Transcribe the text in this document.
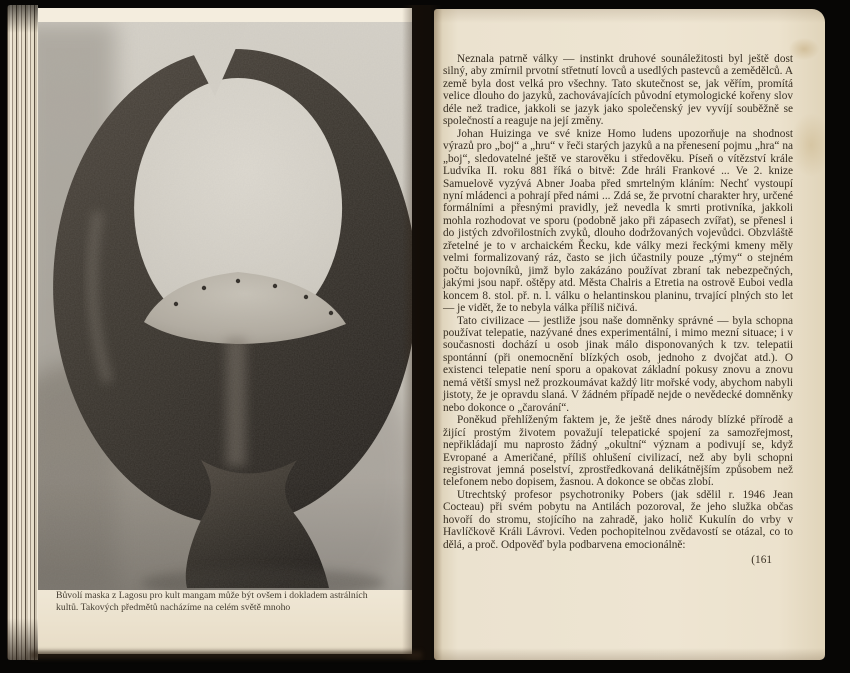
Bůvolí maska z Lagosu pro kult mangam může být ovšem i dokladem astrálních kultů. Takových předmětů nacházíme na celém světě mnoho

Neznala patrně války — instinkt druhové sounáležitosti byl ještě dost silný, aby zmírnil prvotní střetnutí lovců a usedlých pastevců a zemědělců. A země byla dost velká pro všechny. Tato skutečnost se, jak věřím, promítá velice dlouho do jazyků, zachovávajících původní etymologické kořeny slov déle než tradice, jakkoli se jazyk jako společenský jev vyvíjí souběžně se společností a reaguje na její změny.

Johan Huizinga ve své knize Homo ludens upozorňuje na shodnost výrazů pro „boj“ a „hru“ v řeči starých jazyků a na přenesení pojmu „hra“ na „boj“, sledovatelné ještě ve starověku i středověku. Píseň o vítězství krále Ludvíka II. roku 881 říká o bitvě: Zde hráli Frankové ... Ve 2. knize Samuelově vyzývá Abner Joaba před smrtelným kláním: Nechť vystoupí nyní mládenci a pohrají před námi ... Zdá se, že prvotní charakter hry, určené formálními a přesnými pravidly, jež nevedla k smrti protivníka, jakkoli mohla rozhodovat ve sporu (podobně jako při zápasech zvířat), se přenesl i do jistých zdvořilostních zvyků, dlouho dodržovaných vojevůdci. Obzvláště zřetelné je to v archaickém Řecku, kde války mezi řeckými kmeny měly velmi formalizovaný ráz, často se jich účastnily pouze „týmy“ o stejném počtu bojovníků, jimž bylo zakázáno používat zbraní tak nebezpečných, jakými jsou např. oštěpy atd. Města Chalris a Etretia na ostrově Euboi vedla koncem 8. stol. př. n. l. válku o helantinskou planinu, trvající plných sto let — je vidět, že to nebyla válka příliš ničivá.

Tato civilizace — jestliže jsou naše domněnky správné — byla schopna používat telepatie, nazývané dnes experimentální, i mimo mezní situace; i v současnosti dochází u osob jinak málo disponovaných k tzv. telepatii spontánní (při onemocnění blízkých osob, jednoho z dvojčat atd.). O existenci telepatie není sporu a opakovat základní pokusy znovu a znovu nemá větší smysl než prozkoumávat každý litr mořské vody, abychom nabyli jistoty, že je opravdu slaná. V žádném případě nejde o nevědecké domněnky nebo dokonce o „čarování“.

Poněkud přehlíženým faktem je, že ještě dnes národy blízké přírodě a žijící prostým životem považují telepatické spojení za samozřejmost, nepřikládají mu naprosto žádný „okultní“ význam a podivují se, když Evropané a Američané, příliš ohlušení civilizací, než aby byli schopni registrovat jemná poselství, zprostředkovaná delikátnějším způsobem než telefonem nebo dopisem, žasnou. A dokonce se občas zlobí.

Utrechtský profesor psychotroniky Pobers (jak sdělil r. 1946 Jean Cocteau) při svém pobytu na Antilách pozoroval, že jeho služka občas hovoří do stromu, stojícího na zahradě, jako holič Kukulín do vrby v Havlíčkově Králi Lávrovi. Veden pochopitelnou zvědavostí se otázal, co to dělá, a proč. Odpověď byla podbarvena emocionálně:

(161
